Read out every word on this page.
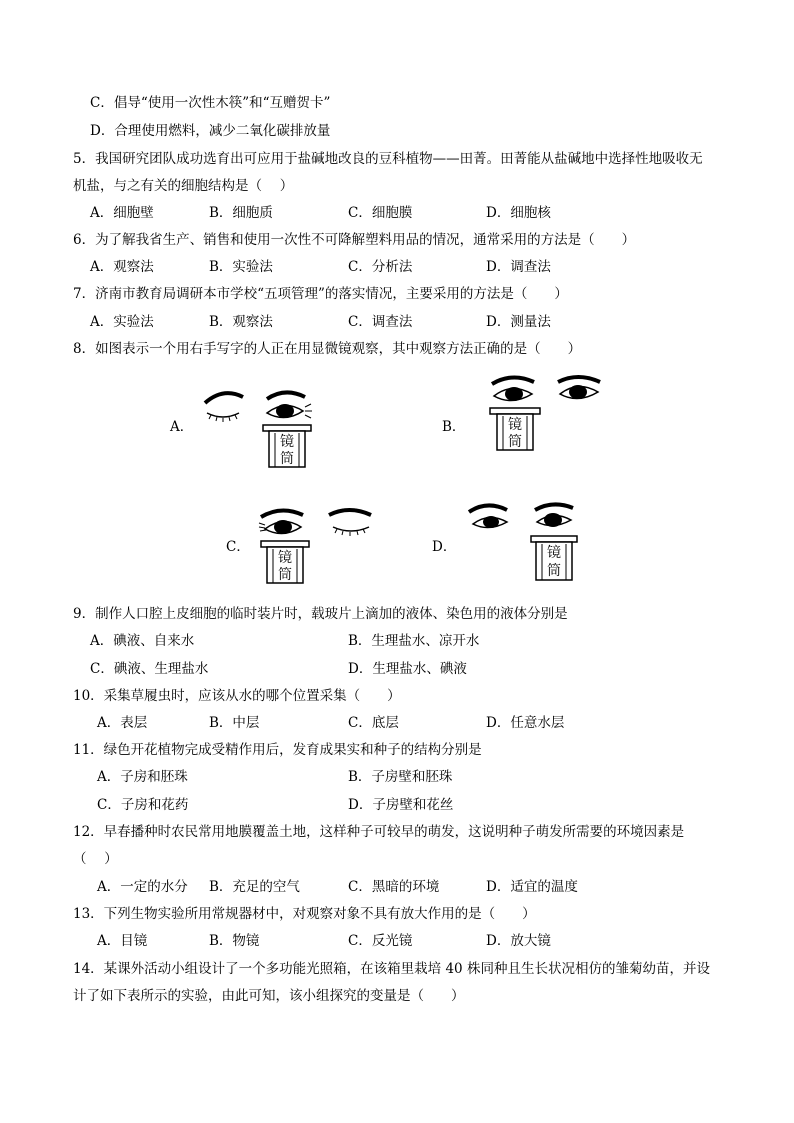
C．倡导“使用一次性木筷”和“互赠贺卡”
D．合理使用燃料，减少二氧化碳排放量
5．我国研究团队成功选育出可应用于盐碱地改良的豆科植物——田菁。田菁能从盐碱地中选择性地吸收无
机盐，与之有关的细胞结构是（　 ）
A．细胞壁	B．细胞质	C．细胞膜	D．细胞核
6．为了解我省生产、销售和使用一次性不可降解塑料用品的情况，通常采用的方法是（　　）
A．观察法	B．实验法	C．分析法	D．调查法
7．济南市教育局调研本市学校“五项管理”的落实情况，主要采用的方法是（　　）
A．实验法	B．观察法	C．调查法	D．测量法
8．如图表示一个用右手写字的人正在用显微镜观察，其中观察方法正确的是（　　）
A．
镜
筒
B．	镜
筒
C．
镜
筒
D．	镜
筒
9．制作人口腔上皮细胞的临时装片时，载玻片上滴加的液体、染色用的液体分别是
A．碘液、自来水	B．生理盐水、凉开水
C．碘液、生理盐水	D．生理盐水、碘液
10．采集草履虫时，应该从水的哪个位置采集（　　）
A．表层	B．中层	C．底层	D．任意水层
11．绿色开花植物完成受精作用后，发育成果实和种子的结构分别是
A．子房和胚珠	B．子房壁和胚珠
C．子房和花药	D．子房壁和花丝
12．早春播种时农民常用地膜覆盖土地，这样种子可较早的萌发，这说明种子萌发所需要的环境因素是
（　 ）
A．一定的水分 B．充足的空气	C．黑暗的环境	D．适宜的温度
13．下列生物实验所用常规器材中，对观察对象不具有放大作用的是（　　）
A．目镜	B．物镜	C．反光镜	D．放大镜
14．某课外活动小组设计了一个多功能光照箱，在该箱里栽培 40 株同种且生长状况相仿的雏菊幼苗，并设
计了如下表所示的实验，由此可知，该小组探究的变量是（　　）
